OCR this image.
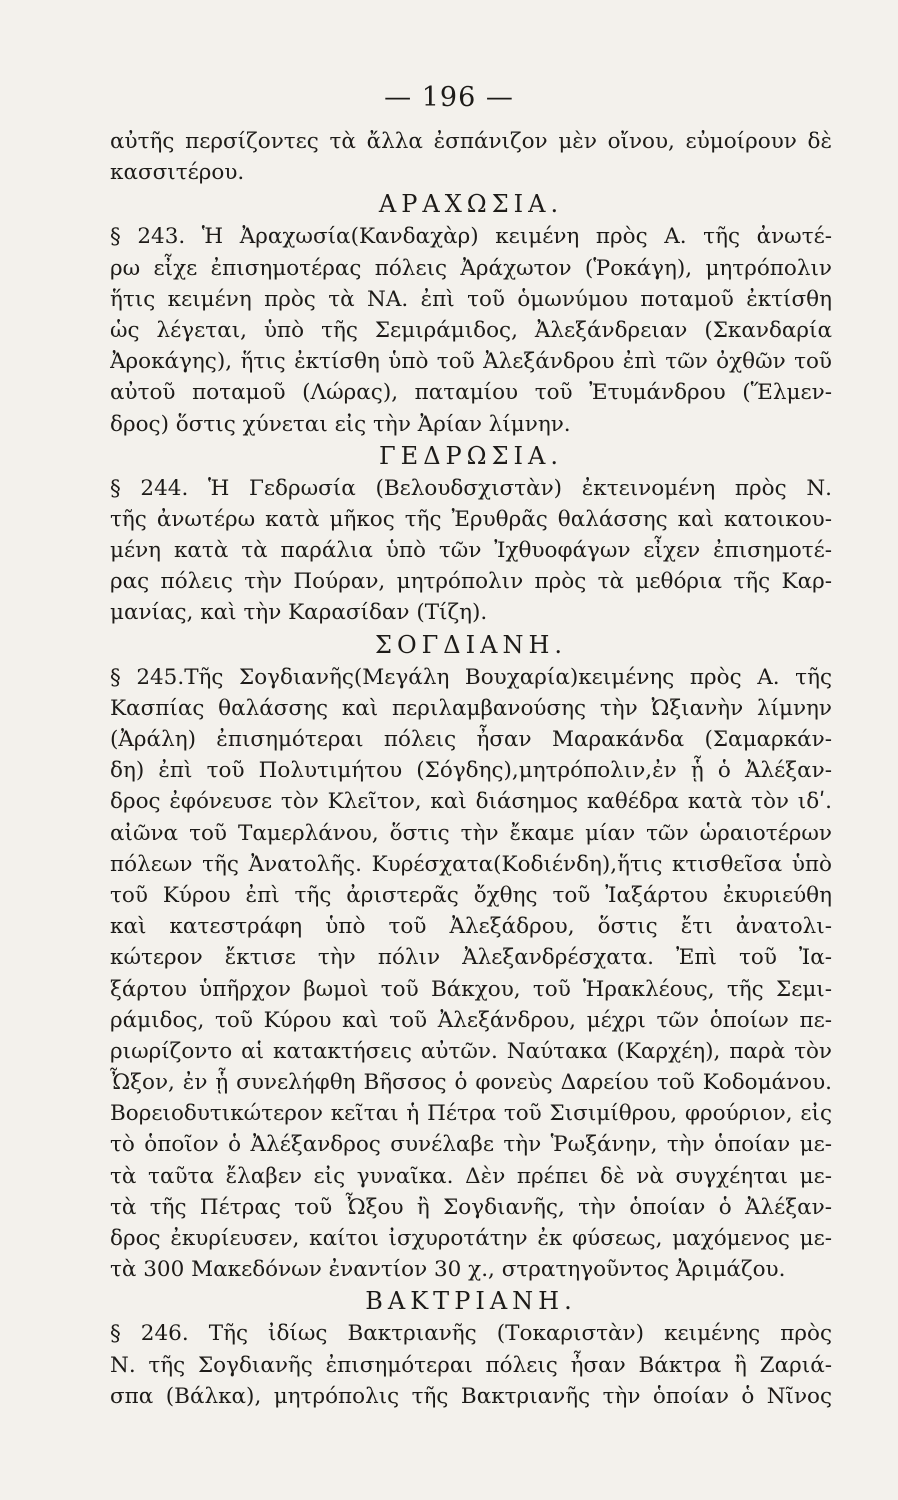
— 196 —
αὐτῆς περσίζοντες τὰ ἄλλα ἐσπάνιζον μὲν οἴνου, εὐμοίρουν δὲ
κασσιτέρου.
ΑΡΑΧΩΣΙΑ.
§ 243. Ἡ Ἀραχωσία(Κανδαχὰρ) κειμένη πρὸς Α. τῆς ἀνωτέ-
ρω εἶχε ἐπισημοτέρας πόλεις Ἀράχωτον (Ῥοκάγη), μητρόπολιν
ἥτις κειμένη πρὸς τὰ ΝΑ. ἐπὶ τοῦ ὁμωνύμου ποταμοῦ ἐκτίσθη
ὡς λέγεται, ὑπὸ τῆς Σεμιράμιδος, Ἀλεξάνδρειαν (Σκανδαρία
Ἀροκάγης), ἥτις ἐκτίσθη ὑπὸ τοῦ Ἀλεξάνδρου ἐπὶ τῶν ὀχθῶν τοῦ
αὐτοῦ ποταμοῦ (Λώρας), παταμίου τοῦ Ἐτυμάνδρου (Ἕλμεν-
δρος) ὅστις χύνεται εἰς τὴν Ἀρίαν λίμνην.
ΓΕΔΡΩΣΙΑ.
§ 244. Ἡ Γεδρωσία (Βελουδσχιστὰν) ἐκτεινομένη πρὸς Ν.
τῆς ἀνωτέρω κατὰ μῆκος τῆς Ἐρυθρᾶς θαλάσσης καὶ κατοικου-
μένη κατὰ τὰ παράλια ὑπὸ τῶν Ἰχθυοφάγων εἶχεν ἐπισημοτέ-
ρας πόλεις τὴν Πούραν, μητρόπολιν πρὸς τὰ μεθόρια τῆς Καρ-
μανίας, καὶ τὴν Καρασίδαν (Τίζη).
ΣΟΓΔΙΑΝΗ.
§ 245.Τῆς Σογδιανῆς(Μεγάλη Βουχαρία)κειμένης πρὸς Α. τῆς
Κασπίας θαλάσσης καὶ περιλαμβανούσης τὴν Ὠξιανὴν λίμνην
(Ἀράλη) ἐπισημότεραι πόλεις ἦσαν Μαρακάνδα (Σαμαρκάν-
δη) ἐπὶ τοῦ Πολυτιμήτου (Σόγδης),μητρόπολιν,ἐν ᾗ ὁ Ἀλέξαν-
δρος ἐφόνευσε τὸν Κλεῖτον, καὶ διάσημος καθέδρα κατὰ τὸν ιδʹ.
αἰῶνα τοῦ Ταμερλάνου, ὅστις τὴν ἔκαμε μίαν τῶν ὡραιοτέρων
πόλεων τῆς Ἀνατολῆς. Κυρέσχατα(Κοδιένδη),ἥτις κτισθεῖσα ὑπὸ
τοῦ Κύρου ἐπὶ τῆς ἀριστερᾶς ὄχθης τοῦ Ἰαξάρτου ἐκυριεύθη
καὶ κατεστράφη ὑπὸ τοῦ Ἀλεξάδρου, ὅστις ἔτι ἀνατολι-
κώτερον ἔκτισε τὴν πόλιν Ἀλεξανδρέσχατα. Ἐπὶ τοῦ Ἰα-
ξάρτου ὑπῆρχον βωμοὶ τοῦ Βάκχου, τοῦ Ἡρακλέους, τῆς Σεμι-
ράμιδος, τοῦ Κύρου καὶ τοῦ Ἀλεξάνδρου, μέχρι τῶν ὁποίων πε-
ριωρίζοντο αἱ κατακτήσεις αὐτῶν. Ναύτακα (Καρχέη), παρὰ τὸν
Ὦξον, ἐν ᾗ συνελήφθη Βῆσσος ὁ φονεὺς Δαρείου τοῦ Κοδομάνου.
Βορειοδυτικώτερον κεῖται ἡ Πέτρα τοῦ Σισιμίθρου, φρούριον, εἰς
τὸ ὁποῖον ὁ Ἀλέξανδρος συνέλαβε τὴν Ῥωξάνην, τὴν ὁποίαν με-
τὰ ταῦτα ἔλαβεν εἰς γυναῖκα. Δὲν πρέπει δὲ νὰ συγχέηται με-
τὰ τῆς Πέτρας τοῦ Ὦξου ἢ Σογδιανῆς, τὴν ὁποίαν ὁ Ἀλέξαν-
δρος ἐκυρίευσεν, καίτοι ἰσχυροτάτην ἐκ φύσεως, μαχόμενος με-
τὰ 300 Μακεδόνων ἐναντίον 30 χ., στρατηγοῦντος Ἀριμάζου.
ΒΑΚΤΡΙΑΝΗ.
§ 246. Τῆς ἰδίως Βακτριανῆς (Τοκαριστὰν) κειμένης πρὸς
Ν. τῆς Σογδιανῆς ἐπισημότεραι πόλεις ἦσαν Βάκτρα ἢ Ζαριά-
σπα (Βάλκα), μητρόπολις τῆς Βακτριανῆς τὴν ὁποίαν ὁ Νῖνος
